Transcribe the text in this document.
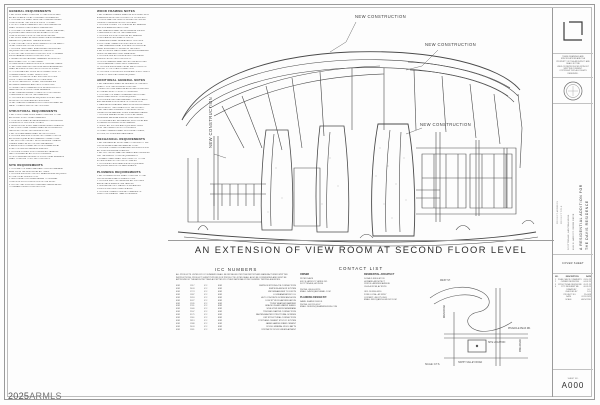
GENERAL REQUIREMENTS
1. ALL WORK SHALL CONFORM TO THE 2018 IRC AND
ALL APPLICABLE LOCAL CODES AND ORDINANCES.
2. CONTRACTOR SHALL VERIFY ALL DIMENSIONS AND
CONDITIONS AT THE JOB SITE PRIOR TO START.
3. DO NOT SCALE DRAWINGS. WRITTEN DIMENSIONS
SHALL GOVERN OVER SCALED DIMENSIONS.
4. CONTRACTOR SHALL PROVIDE ALL LABOR, MATERIAL,
EQUIPMENT AND SERVICES NECESSARY FOR THE
COMPLETE EXECUTION OF THE WORK SHOWN.
5. ALL WORK SHALL BE PERFORMED IN A WORKMANLIKE
MANNER BY QUALIFIED TRADESPERSONS.
6. THE CONTRACTOR IS RESPONSIBLE FOR THE SAFETY
OF ALL PERSONS ON THE JOB SITE.
7. PROVIDE TEMPORARY BRACING AND SHORING AS
REQUIRED UNTIL ALL FRAMING IS COMPLETE.
8. PROTECT ALL EXISTING CONSTRUCTION TO REMAIN
FROM DAMAGE DURING CONSTRUCTION.
9. REPAIR OR REPLACE ANY DAMAGED WORK AT NO
ADDITIONAL COST TO THE OWNER.
10. REMOVE ALL DEBRIS FROM SITE ON A DAILY BASIS.
11. ALL PENETRATIONS THROUGH RATED ASSEMBLIES
SHALL BE FIRESTOPPED PER UL LISTED SYSTEMS.
12. COORDINATE ALL WORK WITH OWNER PRIOR TO
COMMENCEMENT OF ANY DEMOLITION.
13. VERIFY LOCATION OF ALL EXISTING UTILITIES
PRIOR TO ANY EXCAVATION OR TRENCHING.
14. NOTIFY ARCHITECT OF ANY DISCREPANCIES
BETWEEN DRAWINGS AND FIELD CONDITIONS.
15. SUBMIT SHOP DRAWINGS FOR REVIEW PRIOR TO
FABRICATION OF STRUCTURAL MEMBERS.
16. ALL DIMENSIONS ARE TO FACE OF STUD UNLESS
OTHERWISE NOTED ON THE DRAWINGS.
17. PROVIDE BLOCKING AS REQUIRED FOR ALL WALL
MOUNTED FIXTURES AND ACCESSORIES.
18. ALL GLAZING IN HAZARDOUS LOCATIONS SHALL BE
SAFETY GLAZED PER IRC SECTION R308.
STRUCTURAL REQUIREMENTS
1. ALL STRUCTURAL WORK SHALL CONFORM TO THE
APPROVED STRUCTURAL DRAWINGS.
2. CONCRETE SHALL ATTAIN A MINIMUM COMPRESSIVE
STRENGTH OF 2500 PSI AT 28 DAYS.
3. REINFORCING STEEL SHALL BE ASTM A615 GRADE 60.
4. ALL STRUCTURAL LUMBER SHALL BE DOUGLAS FIR-
LARCH No.2 OR BETTER UNLESS NOTED.
5. ALL GLU-LAM BEAMS SHALL BE 24F-V4 DF/DF.
6. PROVIDE SIMPSON STRONG-TIE CONNECTORS OR
APPROVED EQUAL AT ALL FRAMING CONNECTIONS.
7. ALL BOLTS IN CONTACT WITH PRESSURE TREATED
LUMBER SHALL BE HOT DIPPED GALVANIZED.
8. ANCHOR BOLTS SHALL BE 1/2 INCH DIAMETER AT
6 FEET ON CENTER MAXIMUM SPACING.
9. PROVIDE DOUBLE JOISTS UNDER ALL PARALLEL
PARTITIONS AND AT ALL FLOOR OPENINGS.
10. NOTCHING AND BORING OF STRUCTURAL MEMBERS
SHALL CONFORM TO IRC SECTION R502.8.
SITE REQUIREMENTS
1. CONTRACTOR SHALL MAINTAIN POSITIVE DRAINAGE
AWAY FROM THE BUILDING AT ALL TIMES.
2. PROVIDE EROSION CONTROL MEASURES AS REQUIRED
BY THE LOCAL JURISDICTION.
3. RESTORE ALL DISTURBED AREAS TO ORIGINAL
CONDITION UPON COMPLETION OF THE WORK.
4. PROTECT ALL EXISTING TREES AND LANDSCAPING
TO REMAIN DURING CONSTRUCTION.
WOOD FRAMING NOTES
1. ALL FRAMING LUMBER SHALL BE KILN DRIED WITH
A MAXIMUM MOISTURE CONTENT OF 19 PERCENT.
2. STUDS SHALL BE 2x6 AT 16 INCHES ON CENTER
UNLESS OTHERWISE NOTED ON PLANS.
3. PROVIDE DOUBLE TOP PLATES AT ALL BEARING
AND NON-BEARING PARTITIONS.
4. ALL HEADERS SHALL BE 4x8 MINIMUM UNLESS
OTHERWISE NOTED ON THE DRAWINGS.
5. PROVIDE SOLID BLOCKING AT ALL BEARING
POINTS AND AT MID-SPAN OF JOISTS.
6. SHEATHING SHALL BE APA RATED 15/32 INCH
STRUCTURAL I PANELS WITH EXTERIOR GLUE.
7. NAIL SHEATHING 8d AT 6 INCHES ON CENTER AT
PANEL EDGES AND 12 INCHES IN THE FIELD.
8. ALL EXTERIOR WALLS SHALL RECEIVE A WEATHER
RESISTIVE BARRIER OVER SHEATHING.
9. PROVIDE FIRE BLOCKING AT ALL CONCEALED
SPACES PER IRC SECTION R302.11.
10. ROOF FRAMING SHALL BE PER THE APPROVED
TRUSS MANUFACTURER SHOP DRAWINGS.
11. PROVIDE HURRICANE TIES AT EACH TRUSS OR
RAFTER TO TOP PLATE CONNECTION.
12. PROVIDE CONTINUOUS RIDGE AND SOFFIT VENTS
FOR ATTIC VENTILATION AS REQUIRED.
ADDITIONAL GENERAL NOTES
1. ALL MATERIALS SHALL BE NEW AND OF THE BEST
QUALITY FOR THE INTENDED PURPOSE.
2. SUBSTITUTIONS SHALL BE APPROVED IN WRITING
BY THE ARCHITECT PRIOR TO ORDERING.
3. CONTRACTOR SHALL OBTAIN AND PAY FOR ALL
PERMITS AND INSPECTIONS REQUIRED.
4. PROVIDE A ONE YEAR WARRANTY ON ALL LABOR
AND MATERIALS FROM DATE OF COMPLETION.
5. MAINTAIN A CLEAN AND SAFE WORK ENVIRONMENT
THROUGHOUT THE DURATION OF THE PROJECT.
6. ALL PAINT AND FINISHES TO BE SELECTED BY
OWNER FROM MANUFACTURER STANDARD RANGE.
7. PROVIDE SEALANT AT ALL JOINTS BETWEEN
DISSIMILAR MATERIALS AND AT PENETRATIONS.
8. COORDINATE ALL MECHANICAL, ELECTRICAL AND
PLUMBING ROUGH-INS WITH FRAMING.
9. VERIFY ALL FIXTURE AND EQUIPMENT SIZES
WITH THE OWNER PRIOR TO ROUGH-IN.
10. FINAL CLEANING SHALL INCLUDE ALL GLASS,
FLOORS, FIXTURES AND HARDWARE.
MECHANICAL REQUIREMENTS
1. ALL MECHANICAL WORK SHALL CONFORM TO THE
2018 INTERNATIONAL MECHANICAL CODE.
2. PROVIDE COMBUSTION AIR AND VENTILATION FOR
ALL FUEL BURNING APPLIANCES.
3. ALL DUCTWORK SHALL BE SEALED AND INSULATED
PER THE ENERGY CODE REQUIREMENTS.
4. EXHAUST FANS SHALL VENT DIRECTLY TO THE
EXTERIOR AND NOT INTO ATTIC SPACES.
5. PROVIDE ACCESS PANELS AT ALL EQUIPMENT
REQUIRING SERVICE OR MAINTENANCE.
PLUMBING REQUIREMENTS
1. ALL PLUMBING WORK SHALL CONFORM TO THE
2018 INTERNATIONAL PLUMBING CODE.
2. PROVIDE SHUT OFF VALVES AT ALL FIXTURES
AND AT EACH BRANCH LINE TAKEOFF.
3. INSULATE ALL HOT WATER PIPING AND ALL
PIPING IN UNCONDITIONED SPACES.
4. PROVIDE CLEANOUTS AT ALL CHANGES OF
DIRECTION GREATER THAN 45 DEGREES.
NEW CONSTRUCTION
NEW CONSTRUCTION
NEW CONSTRUCTION
NEW CONSTRUCTION
AN EXTENSION OF VIEW ROOM AT SECOND FLOOR LEVEL
ICC NUMBERS
ALL PRODUCTS LISTED BY ICC NUMBERS SHALL BE INSTALLED PER THE REPORT AND MANUFACTURER WRITTEN INSTRUCTIONS. PRODUCT SUBSTITUTIONS FOR PRODUCTS LISTED SHALL ALSO BE CONSIDERED AND MUST BE APPROVED BY THE ARCHITECT AND ACCEPTED BY OTHER NATIONALLY RECOGNIZED TESTING AGENCIES.
ESR	1917	ICC	ESR	SIMPSON STRONG-TIE CONNECTORS
ESR	2403	ICC	ESR	SIMPSON ANCHOR SYSTEM
ESR	1774	ICC	ESR	WEYERHAEUSER TJI JOISTS
ESR	1387	ICC	ESR	LOUISIANA PACIFIC LVL
ESR	2053	ICC	ESR	HILTI CONCRETE SCREW ANCHORS
ESR	3027	ICC	ESR	DOW STYROFOAM INSULATION
ESR	1539	ICC	ESR	TYVEK WEATHER BARRIER
ESR	2761	ICC	ESR	GRACE ICE AND WATER SHIELD
ESR	1040	ICC	ESR	SCHLUTER KERDI MEMBRANE
ESR	2907	ICC	ESR	TRUSSED RAFTER CONNECTORS
ESR	3179	ICC	ESR	FASTEN-MASTER STRUCTURAL SCREWS
ESR	1146	ICC	ESR	USP STRUCTURAL CONNECTORS
ESR	2813	ICC	ESR	PORTLAND CEMENT STUCCO SYSTEM
ESR	1988	ICC	ESR	JAMES HARDIE FIBER CEMENT
ESR	2403	ICC	ESR	ROXUL MINERAL WOOL BATTS
ESR	1361	ICC	ESR	SYNTHETIC ROOF UNDERLAYMENT
CONTACT LIST
OWNER
PETER DAVIS
6012 E. ARROYO VERDE DR.
SCOTTSDALE, AZ 85266

PHONE: 480.444.9251
EMAIL: DAVIS@ARCHMAIL.COM
PLANNING DESIGN BY:
NAME: SHAWN CHILDS
PHONE: 602.555.0147
EMAIL: DESIGN@SHAWNDESIGN.COM
RESIDENTIAL ARCHITECT
DONALD SINGLETON
HOWARD ARCHITECT
13381 E. ANDREW AVENUE
CHULA VISTA, AZ 85259

OFF: 98.9566.0990
ZONE LOCAL: AZ 85267
CONTACT: 480.275.0563
EMAIL: INFO@ARCH-GROUP.COM
SCALE: N.T.S.
WEST ST.
PINNACLE PEAK RD.
SITE LOCATION
MAIN ROAD
HAPPY VALLEY ROAD
PIMA ROAD
THESE DRAWINGS AND SPECIFICATIONS ARE THE
PROPERTY OF THE ARCHITECT AND SHALL NOT BE
USED OR REPRODUCED WITHOUT WRITTEN CONSENT.
COPYRIGHT 2025 ALL RIGHTS RESERVED.
A RESIDENTIAL ADDITION FOR THE DAVIS RESIDENCE
6012 E. ARROYO VERDE DRIVE
SCOTTSDALE, ARIZONA 85266
PROJECT TITLE
PROJECT ADDRESS
COVER SHEET
NO.	DESCRIPTION	DATE
1 PLAN CHECK COMMENTS 03.14.25
2 OWNER REVISIONS 04.02.25
3 STRUCTURAL REVISIONS 05.21.25
4	CITY RESUBMITTAL	06.09.25

DRAWN BY	S.C.

CHECKED BY	D.S.

PROJECT NO.	25-0418

DATE	02.28.2025

SCALE	AS NOTED
SHEET NO.
A000
2025ARMLS
